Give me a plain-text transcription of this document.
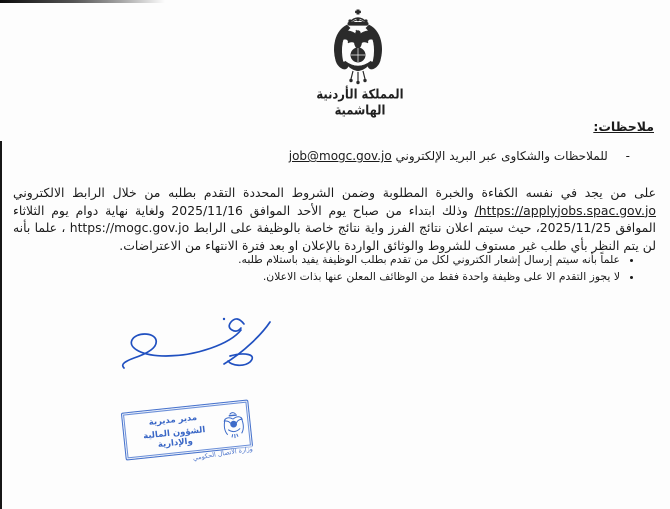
المملكة الأردنية الهاشمية
ملاحظات:
- للملاحظات والشكاوى عبر البريد الإلكتروني job@mogc.gov.jo
على من يجد في نفسه الكفاءة والخبرة المطلوبة وضمن الشروط المحددة التقدم بطلبه من خلال الرابط الالكتروني /https://applyjobs.spac.gov.jo وذلك ابتداء من صباح يوم الأحد الموافق 2025/11/16 ولغاية نهاية دوام يوم الثلاثاء الموافق 2025/11/25، حيث سيتم اعلان نتائج الفرز واية نتائج خاصة بالوظيفة على الرابط https://mogc.gov.jo ، علما بأنه لن يتم النظر بأي طلب غير مستوف للشروط والوثائق الواردة بالإعلان او بعد فترة الانتهاء من الاعتراضات.
• علماً بأنه سيتم إرسال إشعار الكتروني لكل من تقدم بطلب الوظيفة يفيد باستلام طلبه.
• لا يجوز التقدم الا على وظيفة واحدة فقط من الوظائف المعلن عنها بذات الاعلان.
مدير مديرية
الشؤون المالية والإدارية
وزارة الاتصال الحكومي
